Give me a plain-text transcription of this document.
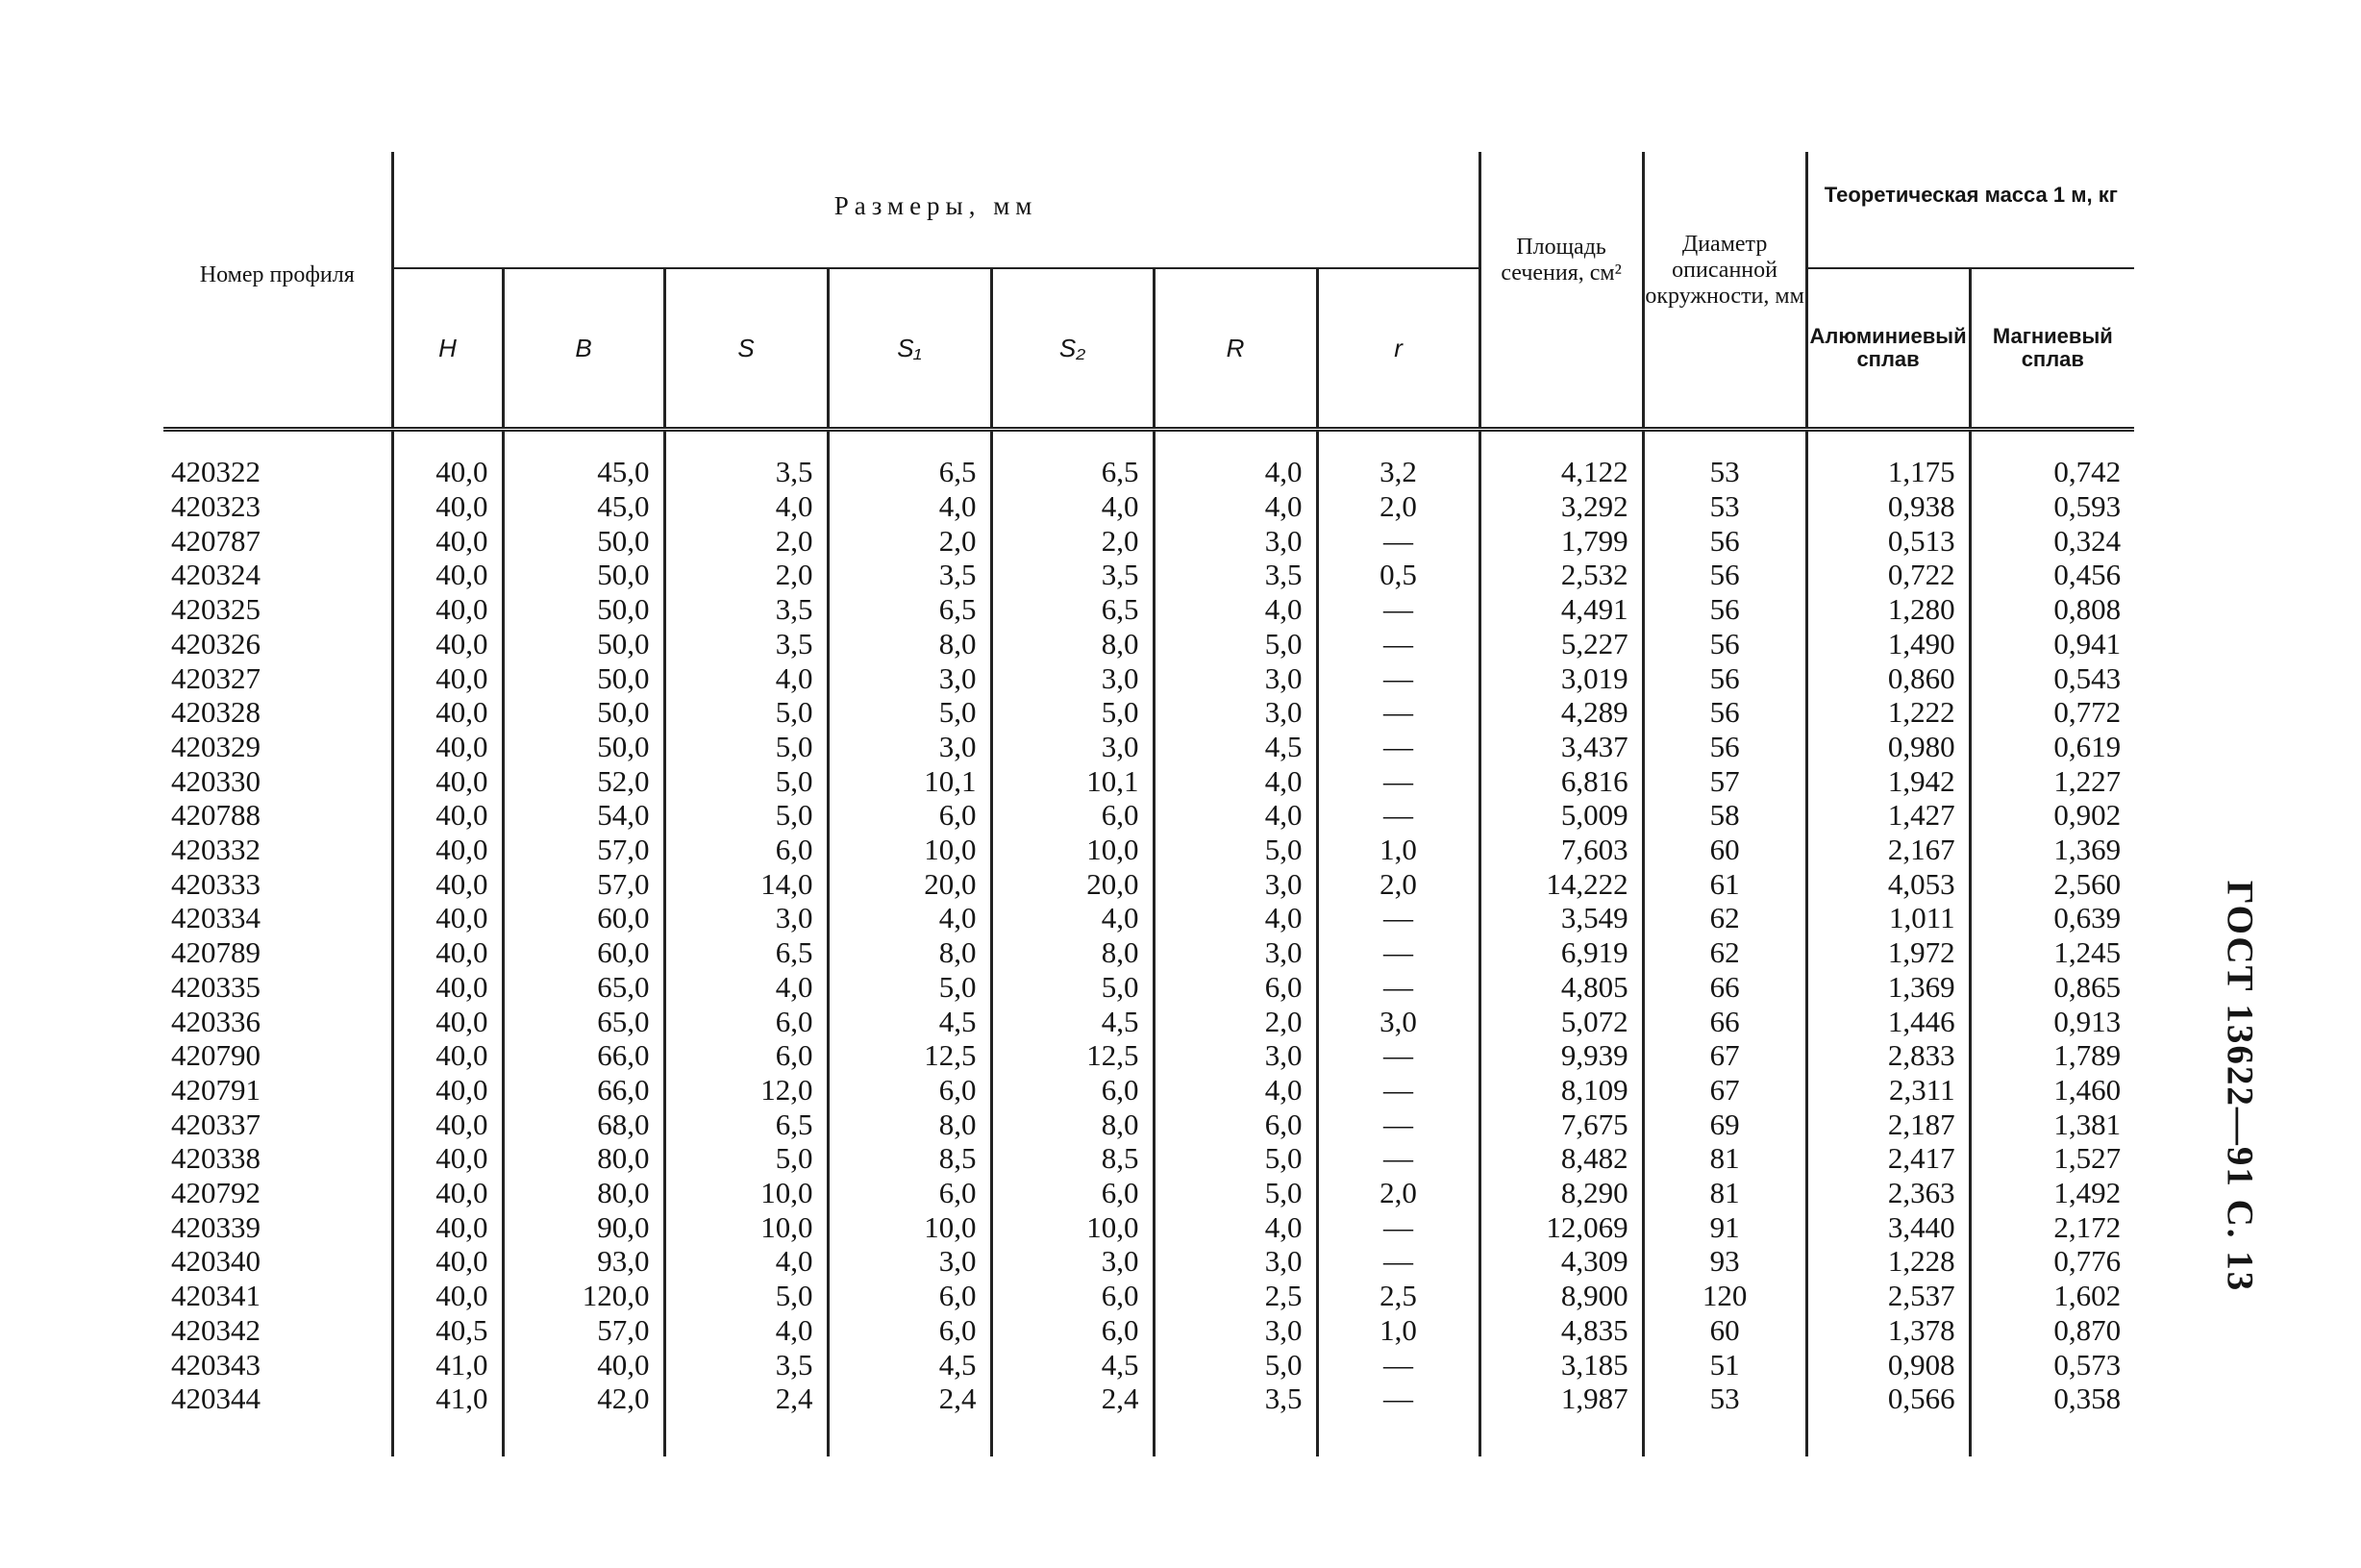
Номер профиля	Размеры, мм							Площадь сечения, см²	Диаметр описанной окружности, мм	Теоретическая масса 1 м, кг	
	H	B	S	S₁	S₂	R	r			Алюминиевый сплав	Магниевый сплав

420322	40,0	45,0	3,5	6,5	6,5	4,0	3,2	4,122	53	1,175	0,742
420323	40,0	45,0	4,0	4,0	4,0	4,0	2,0	3,292	53	0,938	0,593
420787	40,0	50,0	2,0	2,0	2,0	3,0	—	1,799	56	0,513	0,324
420324	40,0	50,0	2,0	3,5	3,5	3,5	0,5	2,532	56	0,722	0,456
420325	40,0	50,0	3,5	6,5	6,5	4,0	—	4,491	56	1,280	0,808
420326	40,0	50,0	3,5	8,0	8,0	5,0	—	5,227	56	1,490	0,941
420327	40,0	50,0	4,0	3,0	3,0	3,0	—	3,019	56	0,860	0,543
420328	40,0	50,0	5,0	5,0	5,0	3,0	—	4,289	56	1,222	0,772
420329	40,0	50,0	5,0	3,0	3,0	4,5	—	3,437	56	0,980	0,619
420330	40,0	52,0	5,0	10,1	10,1	4,0	—	6,816	57	1,942	1,227
420788	40,0	54,0	5,0	6,0	6,0	4,0	—	5,009	58	1,427	0,902
420332	40,0	57,0	6,0	10,0	10,0	5,0	1,0	7,603	60	2,167	1,369
420333	40,0	57,0	14,0	20,0	20,0	3,0	2,0	14,222	61	4,053	2,560
420334	40,0	60,0	3,0	4,0	4,0	4,0	—	3,549	62	1,011	0,639
420789	40,0	60,0	6,5	8,0	8,0	3,0	—	6,919	62	1,972	1,245
420335	40,0	65,0	4,0	5,0	5,0	6,0	—	4,805	66	1,369	0,865
420336	40,0	65,0	6,0	4,5	4,5	2,0	3,0	5,072	66	1,446	0,913
420790	40,0	66,0	6,0	12,5	12,5	3,0	—	9,939	67	2,833	1,789
420791	40,0	66,0	12,0	6,0	6,0	4,0	—	8,109	67	2,311	1,460
420337	40,0	68,0	6,5	8,0	8,0	6,0	—	7,675	69	2,187	1,381
420338	40,0	80,0	5,0	8,5	8,5	5,0	—	8,482	81	2,417	1,527
420792	40,0	80,0	10,0	6,0	6,0	5,0	2,0	8,290	81	2,363	1,492
420339	40,0	90,0	10,0	10,0	10,0	4,0	—	12,069	91	3,440	2,172
420340	40,0	93,0	4,0	3,0	3,0	3,0	—	4,309	93	1,228	0,776
420341	40,0	120,0	5,0	6,0	6,0	2,5	2,5	8,900	120	2,537	1,602
420342	40,5	57,0	4,0	6,0	6,0	3,0	1,0	4,835	60	1,378	0,870
420343	41,0	40,0	3,5	4,5	4,5	5,0	—	3,185	51	0,908	0,573
420344	41,0	42,0	2,4	2,4	2,4	3,5	—	1,987	53	0,566	0,358
ГОСТ 13622—91 С. 13
